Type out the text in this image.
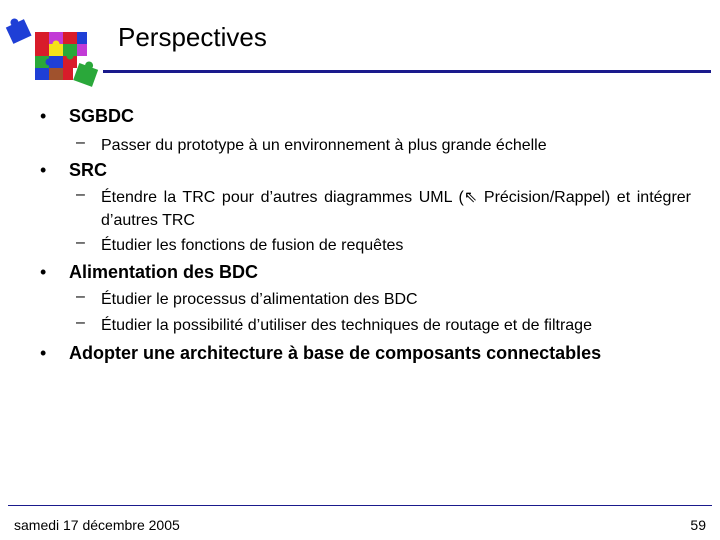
Perspectives
• SGBDC
– Passer du prototype à un environnement à plus grande échelle
• SRC
– Étendre la TRC pour d’autres diagrammes UML (⇖ Précision/Rappel) et intégrer d’autres TRC
– Étudier les fonctions de fusion de requêtes
• Alimentation des BDC
– Étudier le processus d’alimentation des BDC
– Étudier la possibilité d’utiliser des techniques de routage et de filtrage
• Adopter une architecture à base de composants connectables
samedi 17 décembre 2005	59
